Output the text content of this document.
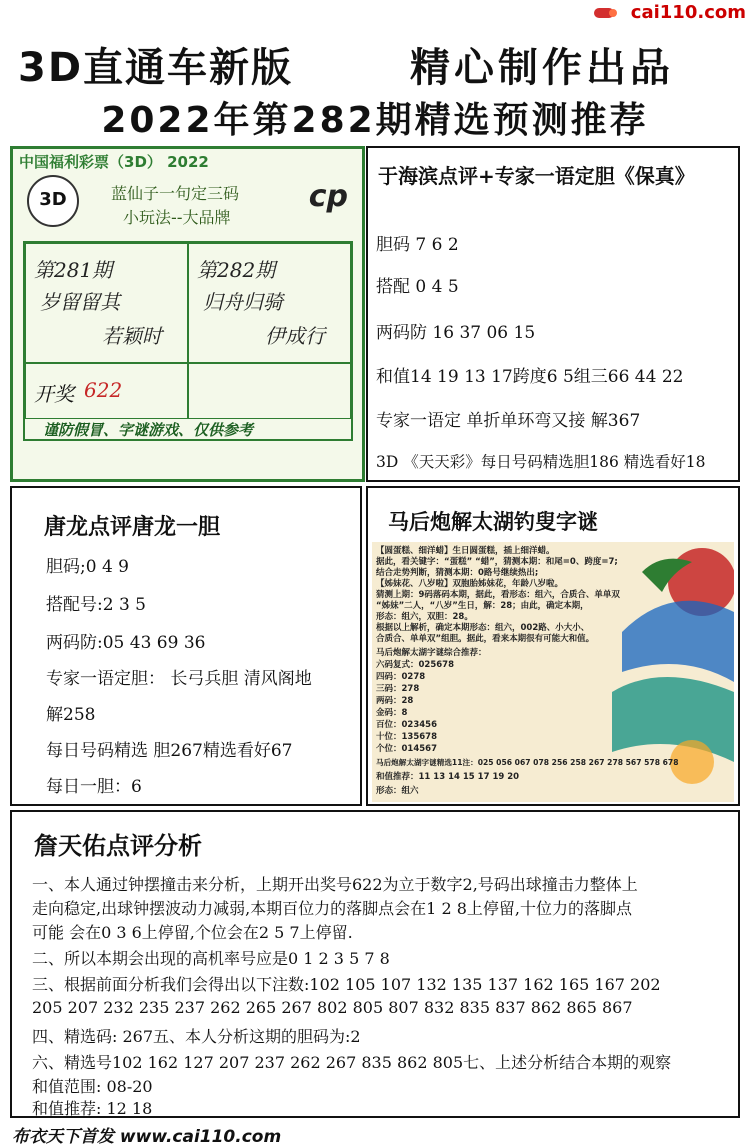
cai110.com
3D直通车新版	精心制作出品
2022年第282期精选预测推荐
中国福利彩票（3D） 2022
3D	蓝仙子一句定三码
小玩法--大品牌
cp
第281期
岁留留其
若颖时
第282期
归舟归骑
伊成行
开奖 622
谨防假冒、字谜游戏、仅供参考
于海滨点评+专家一语定胆《保真》
胆码 7 6 2
搭配 0 4 5
两码防 16 37 06 15
和值14 19 13 17跨度6 5组三66 44 22
专家一语定 单折单环弯又接 解367
3D 《天天彩》每日号码精选胆186 精选看好18
唐龙点评唐龙一胆
胆码;0 4 9
搭配号:2 3 5
两码防:05 43 69 36
专家一语定胆： 长弓兵胆 清风阁地
解258
每日号码精选 胆267精选看好67
每日一胆：6
马后炮解太湖钓叟字谜
【圆蛋糕、细洋蜡】生日圆蛋糕，插上细洋蜡。
据此，看关键字：“蛋糕” “蜡”，猜测本期：和尾=0、跨度=7;
结合走势判断，猜测本期：0路号继续热出;
【姊妹花、八岁啦】双胞胎姊妹花，年龄八岁啦。
猜测上期：9码落码本期，据此，看形态：组六，合质合、单单双
“姊妹”二人，“八岁”生日，解：28；由此，确定本期，
形态：组六，双胆：28。
根据以上解析，确定本期形态：组六，002路、小大小、
合质合、单单双”组胆。据此，看来本期很有可能大和值。
马后炮解太湖字谜综合推荐：
六码复式：025678
四码：0278
三码：278
两码：28
金码：8
百位：023456
十位：135678
个位：014567
马后炮解太湖字谜精选11注：025 056 067 078 256 258 267 278 567 578 678
和值推荐：11 13 14 15 17 19 20
形态：组六
詹天佑点评分析
一、本人通过钟摆撞击来分析，上期开出奖号622为立于数字2,号码出球撞击力整体上
走向稳定,出球钟摆波动力减弱,本期百位力的落脚点会在1 2 8上停留,十位力的落脚点
可能 会在0 3 6上停留,个位会在2 5 7上停留.
二、所以本期会出现的高机率号应是0 1 2 3 5 7 8
三、根据前面分析我们会得出以下注数:102 105 107 132 135 137 162 165 167 202
205 207 232 235 237 262 265 267 802 805 807 832 835 837 862 865 867
四、精选码: 267五、本人分析这期的胆码为:2
六、精选号102 162 127 207 237 262 267 835 862 805七、上述分析结合本期的观察
和值范围: 08-20
和值推荐: 12 18
布衣天下首发 www.cai110.com
